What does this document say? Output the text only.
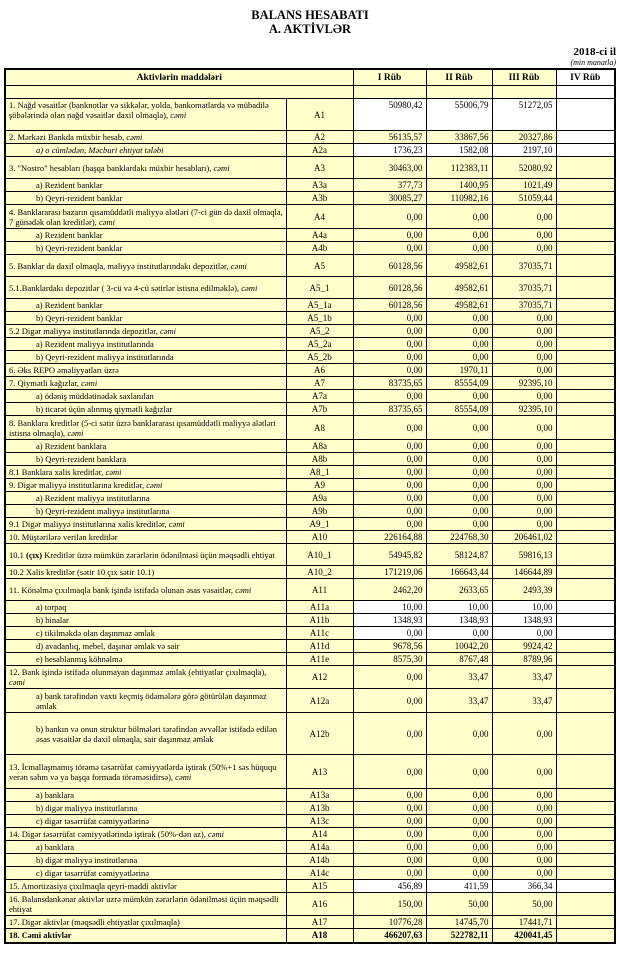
BALANS HESABATI
A. AKTİVLƏR
2018-ci il
(min manatla)
Aktivlərin maddələri		I Rüb	II Rüb	III Rüb	IV Rüb

1. Nağd vəsaitlər (banknotlar və sikkələr, yolda, bankomatlarda və mübadilə şöbələrində olan nağd vəsaitlər daxil olmaqla), cəmi	A1	50980,42	55006,79	51272,05	
2. Mərkəzi Bankda müxbir hesab, cəmi	A2	56135,57	33867,56	20327,86	
a) o cümlədən, Məcburi ehtiyat tələbi	A2a	1736,23	1582,08	2197,10	
3. "Nostro" hesabları (başqa banklardakı müxbir hesabları), cəmi	A3	30463,00	112383,11	52080,92	
a) Rezident banklar	A3a	377,73	1400,95	1021,49	
b) Qeyri-rezident banklar	A3b	30085,27	110982,16	51059,44	
4. Banklararası bazarın qısamüddətli maliyyə alətləri (7-ci gün də daxil olmaqla, 7 günədək olan kreditlər), cəmi	A4	0,00	0,00	0,00	
a) Rezident banklar	A4a	0,00	0,00	0,00	
b) Qeyri-rezident banklar	A4b	0,00	0,00	0,00	
5. Banklar da daxil olmaqla, maliyyə institutlarındakı depozitlər, cəmi	A5	60128,56	49582,61	37035,71	
5.1.Banklardakı depozitlər ( 3-cü və 4-cü sətirlər istisna edilməklə), cəmi	A5_1	60128,56	49582,61	37035,71	
a) Rezident banklar	A5_1a	60128,56	49582,61	37035,71	
b) Qeyri-rezident banklar	A5_1b	0,00	0,00	0,00	
5.2 Digər maliyyə institutlarında depozitlər, cəmi	A5_2	0,00	0,00	0,00	
a) Rezident maliyyə institutlarında	A5_2a	0,00	0,00	0,00	
b) Qeyri-rezident maliyyə institutlarında	A5_2b	0,00	0,00	0,00	
6. Əks REPO əməliyyatları üzrə	A6	0,00	1970,11	0,00	
7. Qiymətli kağızlar, cəmi	A7	83735,65	85554,09	92395,10	
a) ödəniş müddətinədək saxlanılan	A7a	0,00	0,00	0,00	
b) ticarət üçün alınmış qiymətli kağızlar	A7b	83735,65	85554,09	92395,10	
8. Banklara kreditlər (5-ci sətir üzrə banklararası qısamüddətli maliyyə alətləri istisna olmaqla), cəmi	A8	0,00	0,00	0,00	
a) Rezident banklara	A8a	0,00	0,00	0,00	
b) Qeyri-rezident banklara	A8b	0,00	0,00	0,00	
8.1 Banklara xalis kreditlər, cəmi	A8_1	0,00	0,00	0,00	
9. Digər maliyyə institutlarına kreditlər, cəmi	A9	0,00	0,00	0,00	
a) Rezident maliyyə institutlarına	A9a	0,00	0,00	0,00	
b) Qeyri-rezident maliyyə institutlarına	A9b	0,00	0,00	0,00	
9.1 Digər maliyyə institutlarına xalis kreditlər, cəmi	A9_1	0,00	0,00	0,00	
10. Müştərilərə verilən kreditlər	A10	226164,88	224768,30	206461,02	
10.1 (çıx) Kreditlər üzrə mümkün zərərlərin ödənilməsi üçün məqsədli ehtiyat	A10_1	54945,82	58124,87	59816,13	
10.2 Xalis kreditlər (sətir 10 çıx sətir 10.1)	A10_2	171219,06	166643,44	146644,89	
11. Könəlmə çıxılmaqla bank işində istifadə olunan əsas vəsaitlər, cəmi	A11	2462,20	2633,65	2493,39	
a) torpaq	A11a	10,00	10,00	10,00	
b) binalar	A11b	1348,93	1348,93	1348,93	
c) tikilməkdə olan daşınmaz əmlak	A11c	0,00	0,00	0,00	
d) avadanlıq, mebel, daşınar əmlak və sair	A11d	9678,56	10042,20	9924,42	
e) hesablanmış köhnəlmə	A11e	8575,30	8767,48	8789,96	
12. Bank işində istifadə olunmayan daşınmaz əmlak (ehtiyatlar çıxılmaqla), cəmi	A12	0,00	33,47	33,47	
a) bank tərəfindən vaxtı keçmiş ödəmələrə görə götürülən daşınmaz əmlak	A12a	0,00	33,47	33,47	
b) bankın və onun struktur bölmələri tərəfindən əvvəllər istifadə edilən əsas vəsaitlər də daxil olmaqla, sair daşınmaz əmlak	A12b	0,00	0,00	0,00	
13. İcmallaşmamış törəmə təsərrüfat cəmiyyətlərdə iştirak (50%+1 səs hüququ verən səhm və ya başqa formada törəməsidirsə), cəmi	A13	0,00	0,00	0,00	
a) banklara	A13a	0,00	0,00	0,00	
b) digər maliyyə institutlarına	A13b	0,00	0,00	0,00	
c) digər təsərrüfat cəmiyyətlərinə	A13c	0,00	0,00	0,00	
14. Digər təsərrüfat cəmiyyətlərində iştirak (50%-dən az), cəmi	A14	0,00	0,00	0,00	
a) banklara	A14a	0,00	0,00	0,00	
b) digər maliyyə institutlarına	A14b	0,00	0,00	0,00	
c) digər təsərrüfat cəmiyyətlərinə	A14c	0,00	0,00	0,00	
15. Amortizasiya çıxılmaqla qeyri-maddi aktivlər	A15	456,89	411,59	366,34	
16. Balansdankənar aktivlər uzrə mümkün zərərlərin ödənilməsi üçün məqsədli ehtiyat	A16	150,00	50,00	50,00	
17. Digər aktivlər (məqsədli ehtiyatlar çıxılmaqla)	A17	10776,28	14745,70	17441,71	
18. Cəmi aktivlər	A18	466207,63	522782,11	420041,45	
